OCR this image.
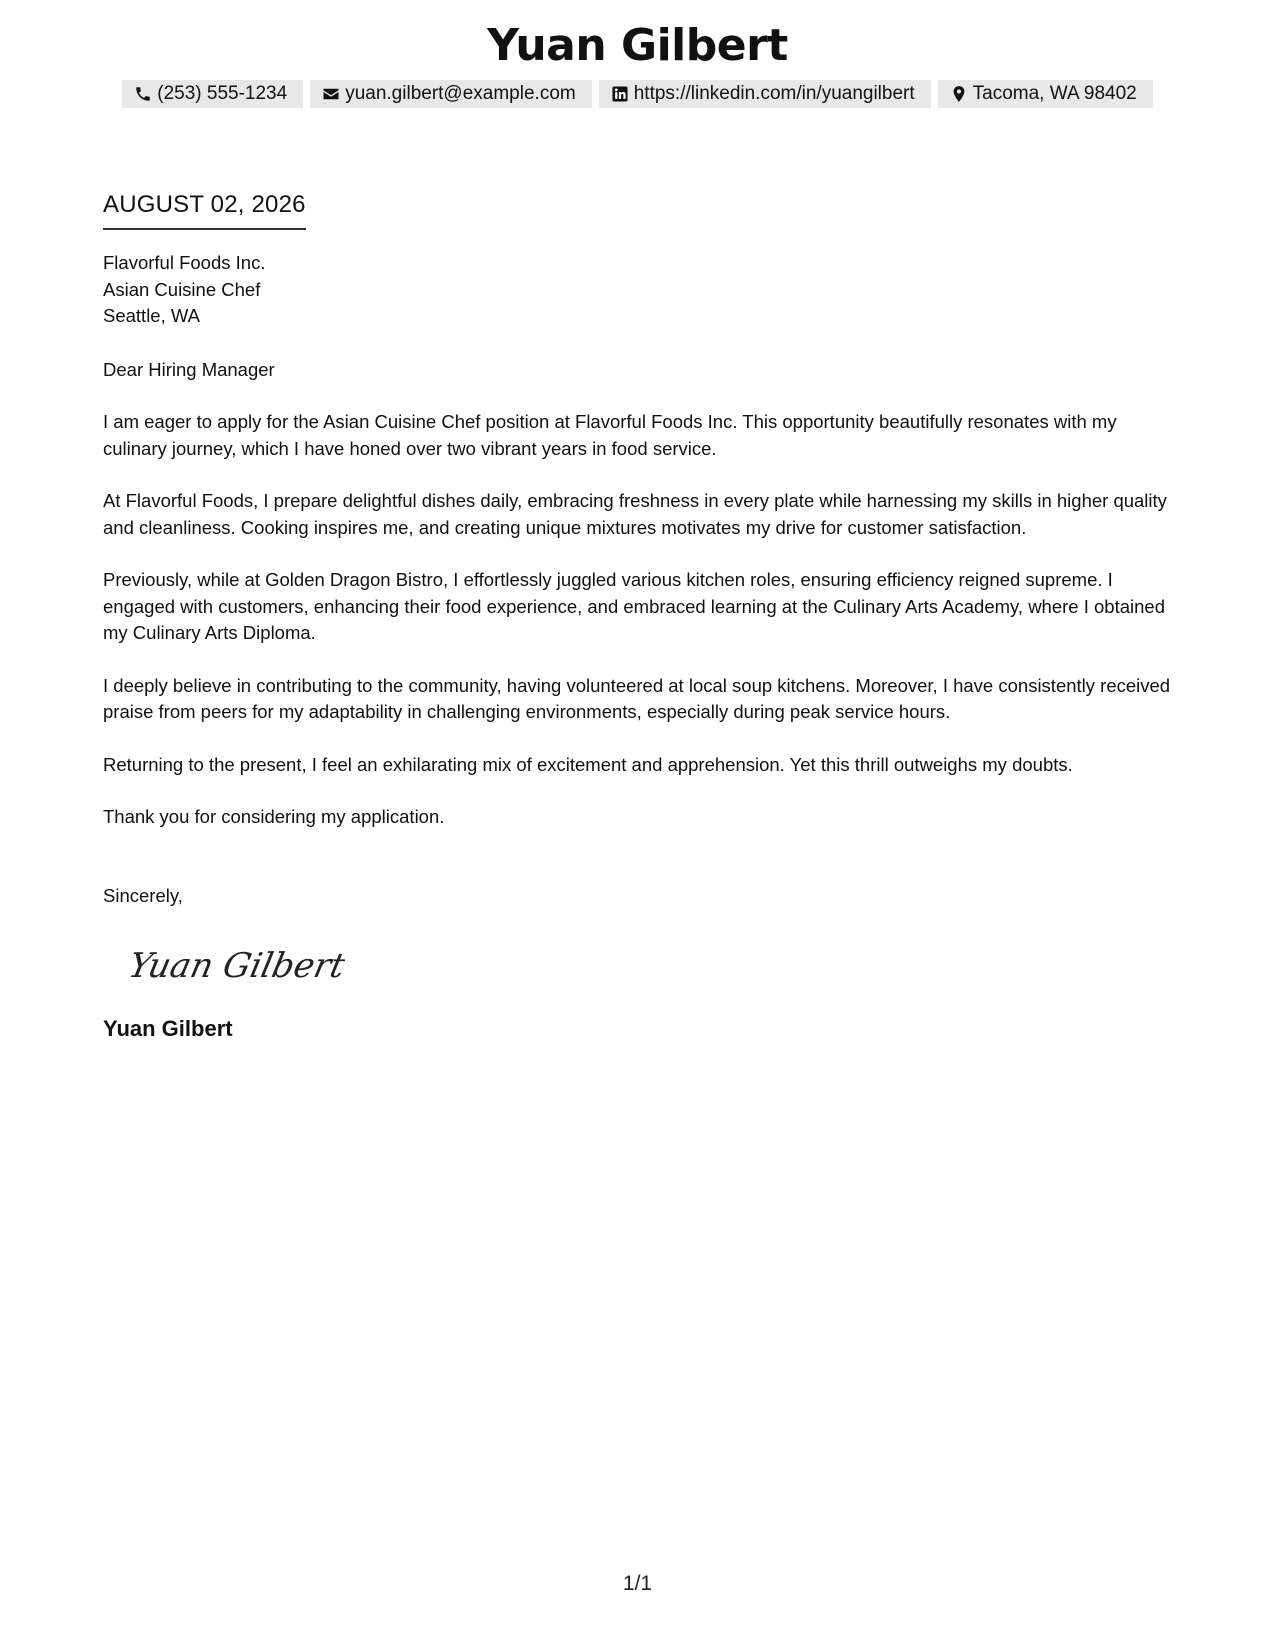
Yuan Gilbert
(253) 555-1234	yuan.gilbert@example.com	https://linkedin.com/in/yuangilbert	Tacoma, WA 98402
AUGUST 02, 2026
Flavorful Foods Inc.
Asian Cuisine Chef
Seattle, WA
Dear Hiring Manager

I am eager to apply for the Asian Cuisine Chef position at Flavorful Foods Inc. This opportunity beautifully resonates with my culinary journey, which I have honed over two vibrant years in food service.

At Flavorful Foods, I prepare delightful dishes daily, embracing freshness in every plate while harnessing my skills in higher quality and cleanliness. Cooking inspires me, and creating unique mixtures motivates my drive for customer satisfaction.

Previously, while at Golden Dragon Bistro, I effortlessly juggled various kitchen roles, ensuring efficiency reigned supreme. I engaged with customers, enhancing their food experience, and embraced learning at the Culinary Arts Academy, where I obtained my Culinary Arts Diploma.

I deeply believe in contributing to the community, having volunteered at local soup kitchens. Moreover, I have consistently received praise from peers for my adaptability in challenging environments, especially during peak service hours.

Returning to the present, I feel an exhilarating mix of excitement and apprehension. Yet this thrill outweighs my doubts.

Thank you for considering my application.

Sincerely,
Yuan Gilbert
Yuan Gilbert
1/1
